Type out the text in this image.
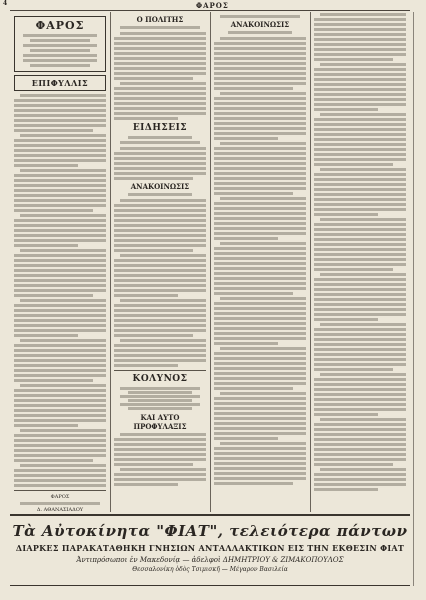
4	ΦΑΡΟΣ
ΦΑΡΟΣ
ΕΠΙΦΥΛΛΙΣ
ΦΑΡΟΣ
Δ. ΑΘΑΝΑΣΙΑΔΟΥ
Ο ΠΟΛΙΤΗΣ
ΕΙΔΗΣΕΙΣ
ΑΝΑΚΟΙΝΩΣΙΣ
ΚΟΛΥΝΟΣ
ΚΑΙ ΑΥΤΟ ΠΡΟΦΥΛΑΞΙΣ
ΑΝΑΚΟΙΝΩΣΙΣ
Τὰ Αὐτοκίνητα "ΦΙΑΤ", τελειότερα πάντων
ΔΙΑΡΚΕΣ ΠΑΡΑΚΑΤΑΘΗΚΗ ΓΝΗΣΙΩΝ ΑΝΤΑΛΛΑΚΤΙΚΩΝ ΕΙΣ ΤΗΝ ΕΚΘΕΣΙΝ ΦΙΑΤ
Ἀντιπρόσωποι ἐν Μακεδονίᾳ — ἀδελφοὶ ΔΗΜΗΤΡΙΟΥ & ΖΙΜΑΚΟΠΟΥΛΟΣ
Θεσσαλονίκη ὁδὸς Τσιμισκῆ — Μέγαρον Βασιλεία
